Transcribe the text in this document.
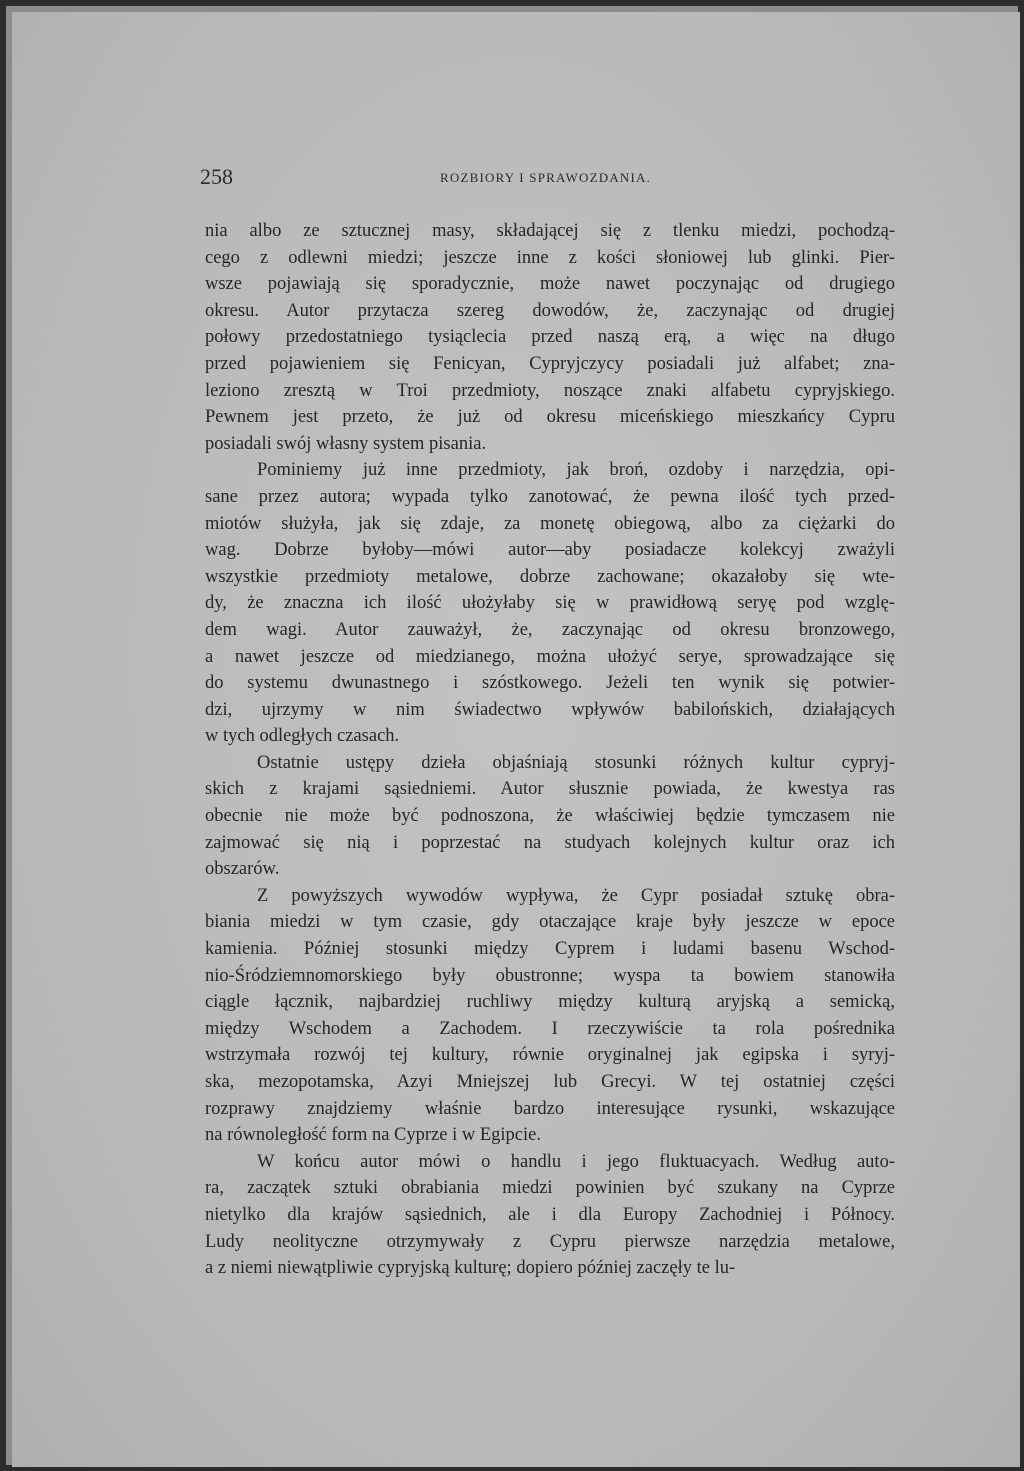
258	ROZBIORY I SPRAWOZDANIA.
nia albo ze sztucznej masy, składającej się z tlenku miedzi, pochodzą-
cego z odlewni miedzi; jeszcze inne z kości słoniowej lub glinki. Pier-
wsze pojawiają się sporadycznie, może nawet poczynając od drugiego
okresu. Autor przytacza szereg dowodów, że, zaczynając od drugiej
połowy przedostatniego tysiąclecia przed naszą erą, a więc na długo
przed pojawieniem się Fenicyan, Cypryjczycy posiadali już alfabet; zna-
leziono zresztą w Troi przedmioty, noszące znaki alfabetu cypryjskiego.
Pewnem jest przeto, że już od okresu miceńskiego mieszkańcy Cypru
posiadali swój własny system pisania.
Pominiemy już inne przedmioty, jak broń, ozdoby i narzędzia, opi-
sane przez autora; wypada tylko zanotować, że pewna ilość tych przed-
miotów służyła, jak się zdaje, za monetę obiegową, albo za ciężarki do
wag. Dobrze byłoby—mówi autor—aby posiadacze kolekcyj zważyli
wszystkie przedmioty metalowe, dobrze zachowane; okazałoby się wte-
dy, że znaczna ich ilość ułożyłaby się w prawidłową seryę pod wzglę-
dem wagi. Autor zauważył, że, zaczynając od okresu bronzowego,
a nawet jeszcze od miedzianego, można ułożyć serye, sprowadzające się
do systemu dwunastnego i szóstkowego. Jeżeli ten wynik się potwier-
dzi, ujrzymy w nim świadectwo wpływów babilońskich, działających
w tych odległych czasach.
Ostatnie ustępy dzieła objaśniają stosunki różnych kultur cypryj-
skich z krajami sąsiedniemi. Autor słusznie powiada, że kwestya ras
obecnie nie może być podnoszona, że właściwiej będzie tymczasem nie
zajmować się nią i poprzestać na studyach kolejnych kultur oraz ich
obszarów.
Z powyższych wywodów wypływa, że Cypr posiadał sztukę obra-
biania miedzi w tym czasie, gdy otaczające kraje były jeszcze w epoce
kamienia. Później stosunki między Cyprem i ludami basenu Wschod-
nio-Śródziemnomorskiego były obustronne; wyspa ta bowiem stanowiła
ciągle łącznik, najbardziej ruchliwy między kulturą aryjską a semicką,
między Wschodem a Zachodem. I rzeczywiście ta rola pośrednika
wstrzymała rozwój tej kultury, równie oryginalnej jak egipska i syryj-
ska, mezopotamska, Azyi Mniejszej lub Grecyi. W tej ostatniej części
rozprawy znajdziemy właśnie bardzo interesujące rysunki, wskazujące
na równoległość form na Cyprze i w Egipcie.
W końcu autor mówi o handlu i jego fluktuacyach. Według auto-
ra, zaczątek sztuki obrabiania miedzi powinien być szukany na Cyprze
nietylko dla krajów sąsiednich, ale i dla Europy Zachodniej i Północy.
Ludy neolityczne otrzymywały z Cypru pierwsze narzędzia metalowe,
a z niemi niewątpliwie cypryjską kulturę; dopiero później zaczęły te lu-
